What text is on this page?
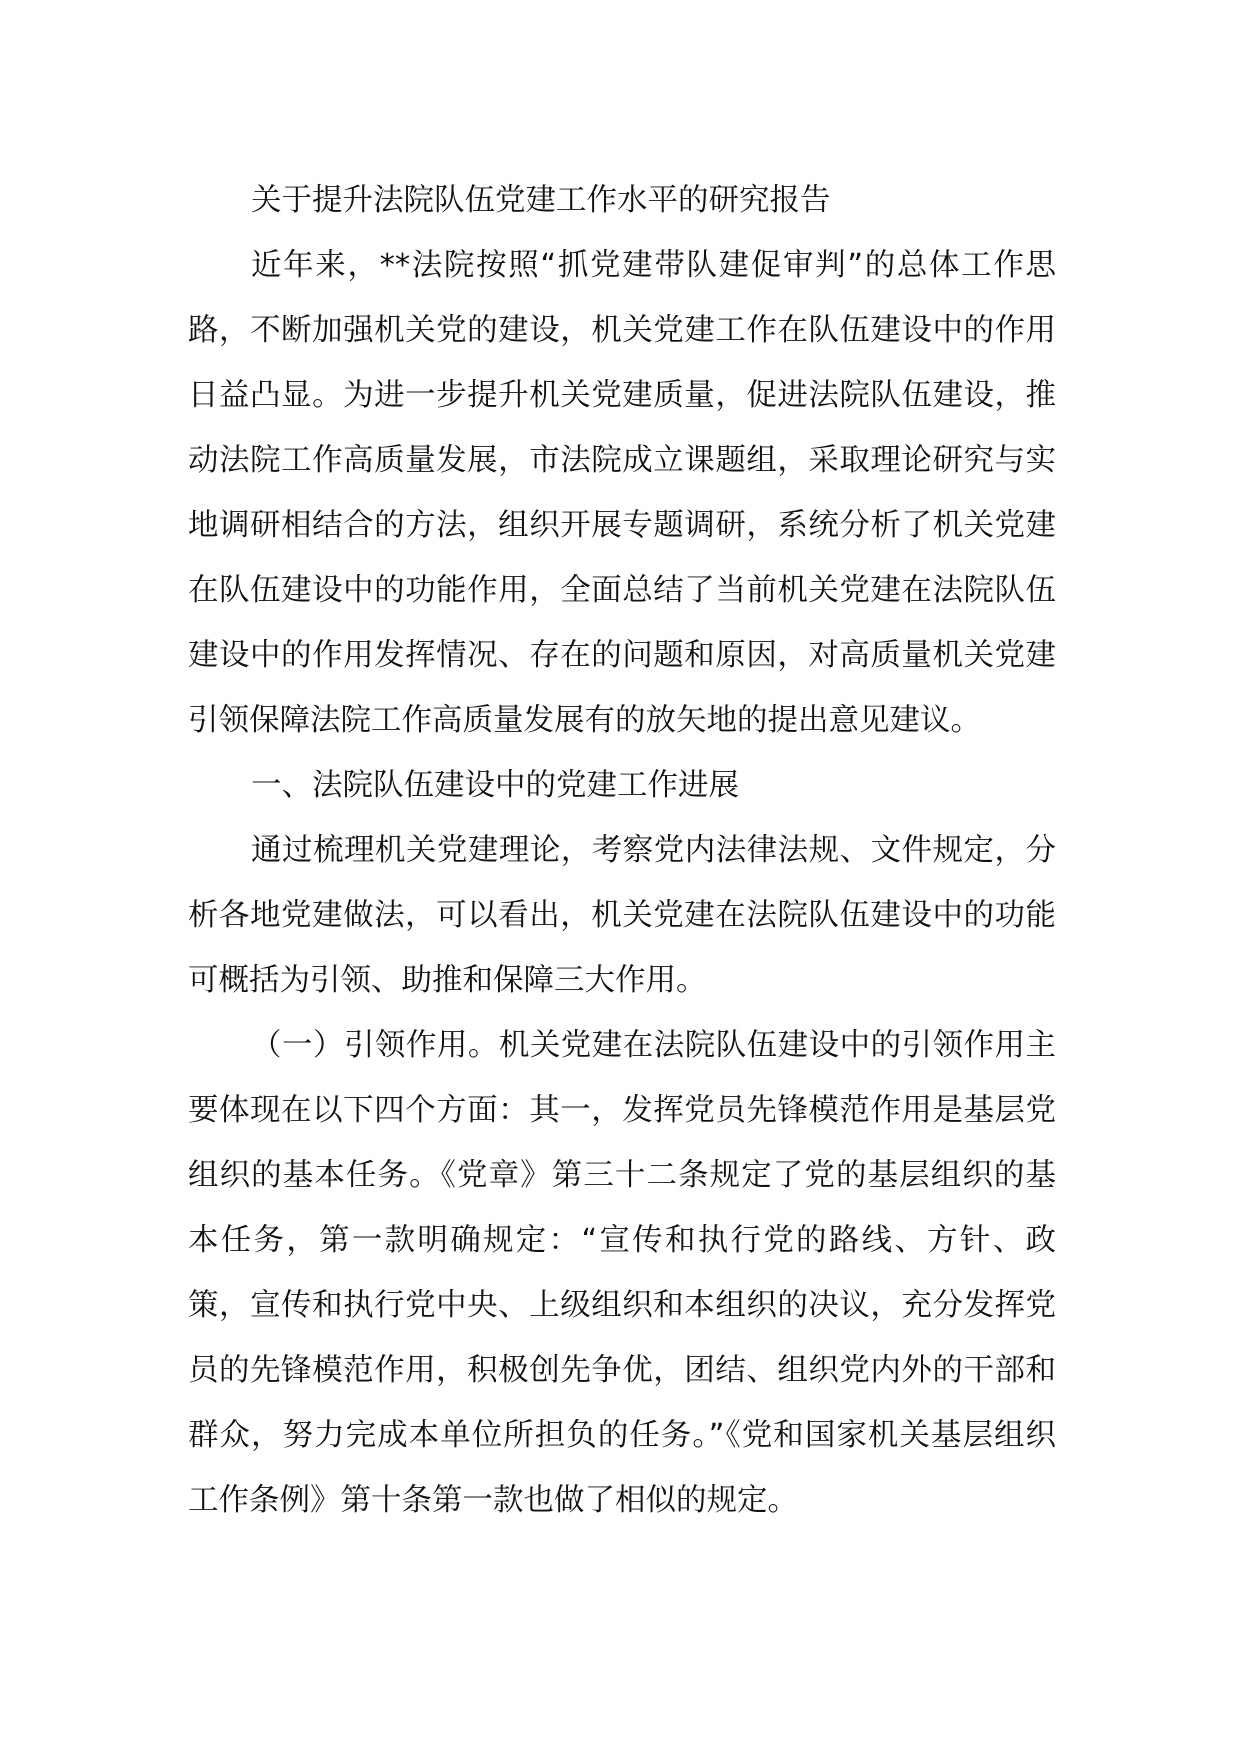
关于提升法院队伍党建工作水平的研究报告

近年来，**法院按照“抓党建带队建促审判”的总体工作思路，不断加强机关党的建设，机关党建工作在队伍建设中的作用日益凸显。为进一步提升机关党建质量，促进法院队伍建设，推动法院工作高质量发展，市法院成立课题组，采取理论研究与实地调研相结合的方法，组织开展专题调研，系统分析了机关党建在队伍建设中的功能作用，全面总结了当前机关党建在法院队伍建设中的作用发挥情况、存在的问题和原因，对高质量机关党建引领保障法院工作高质量发展有的放矢地的提出意见建议。

一、法院队伍建设中的党建工作进展

通过梳理机关党建理论，考察党内法律法规、文件规定，分析各地党建做法，可以看出，机关党建在法院队伍建设中的功能可概括为引领、助推和保障三大作用。

（一）引领作用。机关党建在法院队伍建设中的引领作用主要体现在以下四个方面：其一，发挥党员先锋模范作用是基层党组织的基本任务。《党章》第三十二条规定了党的基层组织的基本任务，第一款明确规定：“宣传和执行党的路线、方针、政策，宣传和执行党中央、上级组织和本组织的决议，充分发挥党员的先锋模范作用，积极创先争优，团结、组织党内外的干部和群众，努力完成本单位所担负的任务。”《党和国家机关基层组织工作条例》第十条第一款也做了相似的规定。
